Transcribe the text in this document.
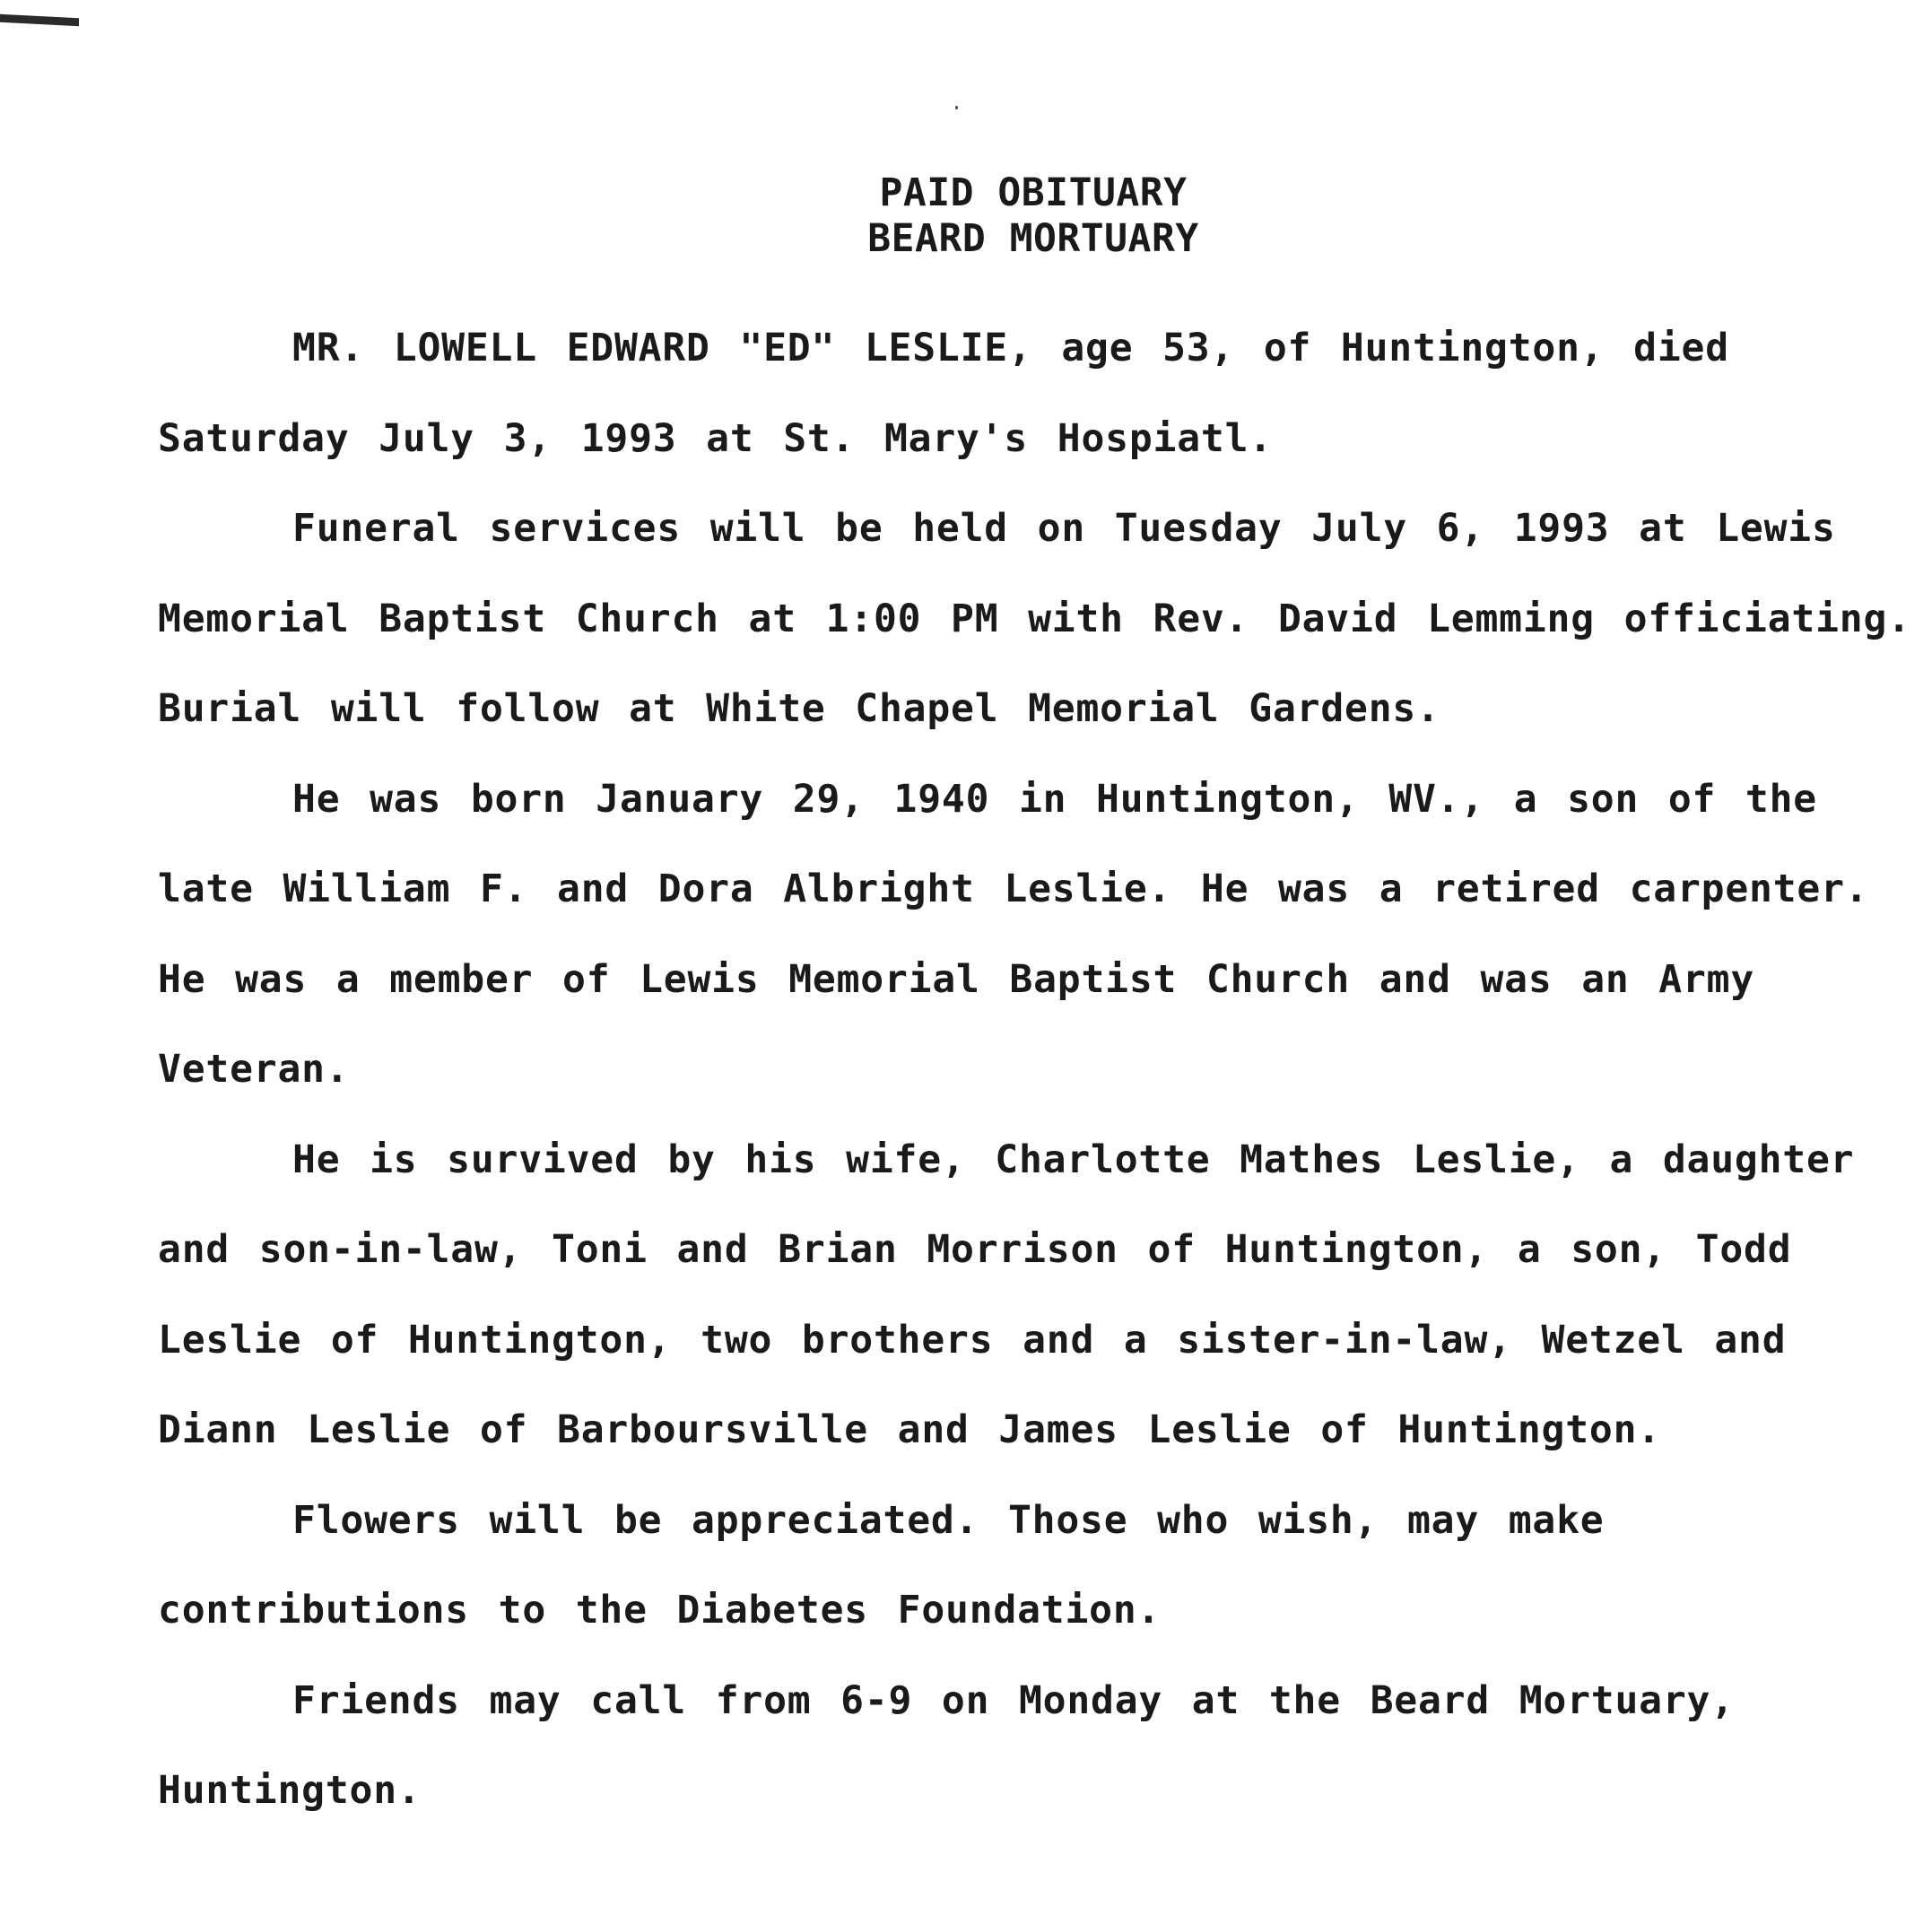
PAID OBITUARY
BEARD MORTUARY

MR. LOWELL EDWARD "ED" LESLIE, age 53, of Huntington, died Saturday July 3, 1993 at St. Mary's Hospiatl.

Funeral services will be held on Tuesday July 6, 1993 at Lewis Memorial Baptist Church at 1:00 PM with Rev. David Lemming officiating. Burial will follow at White Chapel Memorial Gardens.

He was born January 29, 1940 in Huntington, WV., a son of the late William F. and Dora Albright Leslie. He was a retired carpenter. He was a member of Lewis Memorial Baptist Church and was an Army Veteran.

He is survived by his wife, Charlotte Mathes Leslie, a daughter and son-in-law, Toni and Brian Morrison of Huntington, a son, Todd Leslie of Huntington, two brothers and a sister-in-law, Wetzel and Diann Leslie of Barboursville and James Leslie of Huntington.

Flowers will be appreciated. Those who wish, may make contributions to the Diabetes Foundation.

Friends may call from 6-9 on Monday at the Beard Mortuary, Huntington.
